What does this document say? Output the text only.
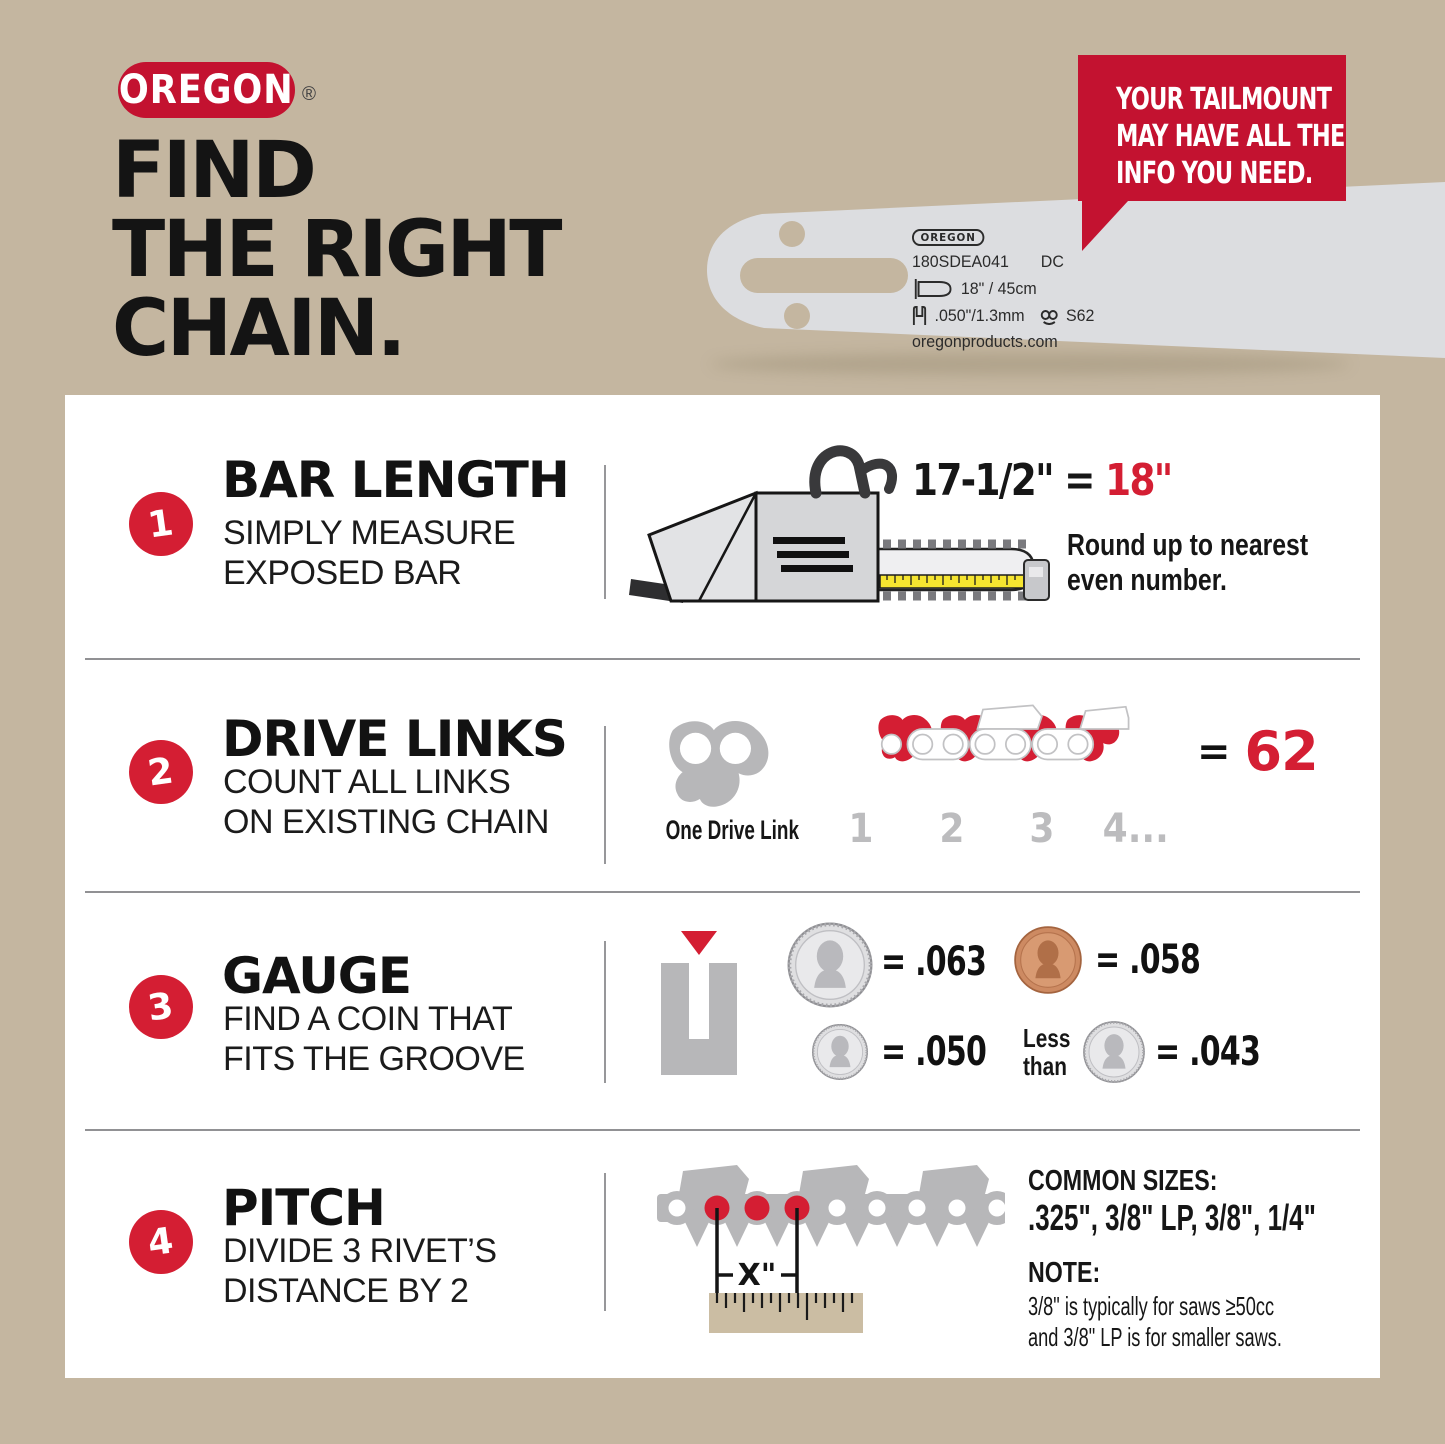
OREGON ®
FIND
THE RIGHT
CHAIN.
OREGON
180SDEA041 DC
18" / 45cm
.050"/1.3mm S62
oregonproducts.com
YOUR TAILMOUNT
MAY HAVE ALL THE
INFO YOU NEED.
1
BAR LENGTH
SIMPLY MEASURE
EXPOSED BAR
17-1/2" = 18"
Round up to nearest
even number.
2
DRIVE LINKS
COUNT ALL LINKS
ON EXISTING CHAIN	One Drive Link	1	2	3	4...
= 62
3
GAUGE
FIND A COIN THAT
FITS THE GROOVE
= .063	= .058
= .050 Less
than = .043
4
PITCH
DIVIDE 3 RIVET’S
DISTANCE BY 2	X"
COMMON SIZES:
.325", 3/8" LP, 3/8", 1/4"
NOTE:
3/8" is typically for saws ≥50cc
and 3/8" LP is for smaller saws.
